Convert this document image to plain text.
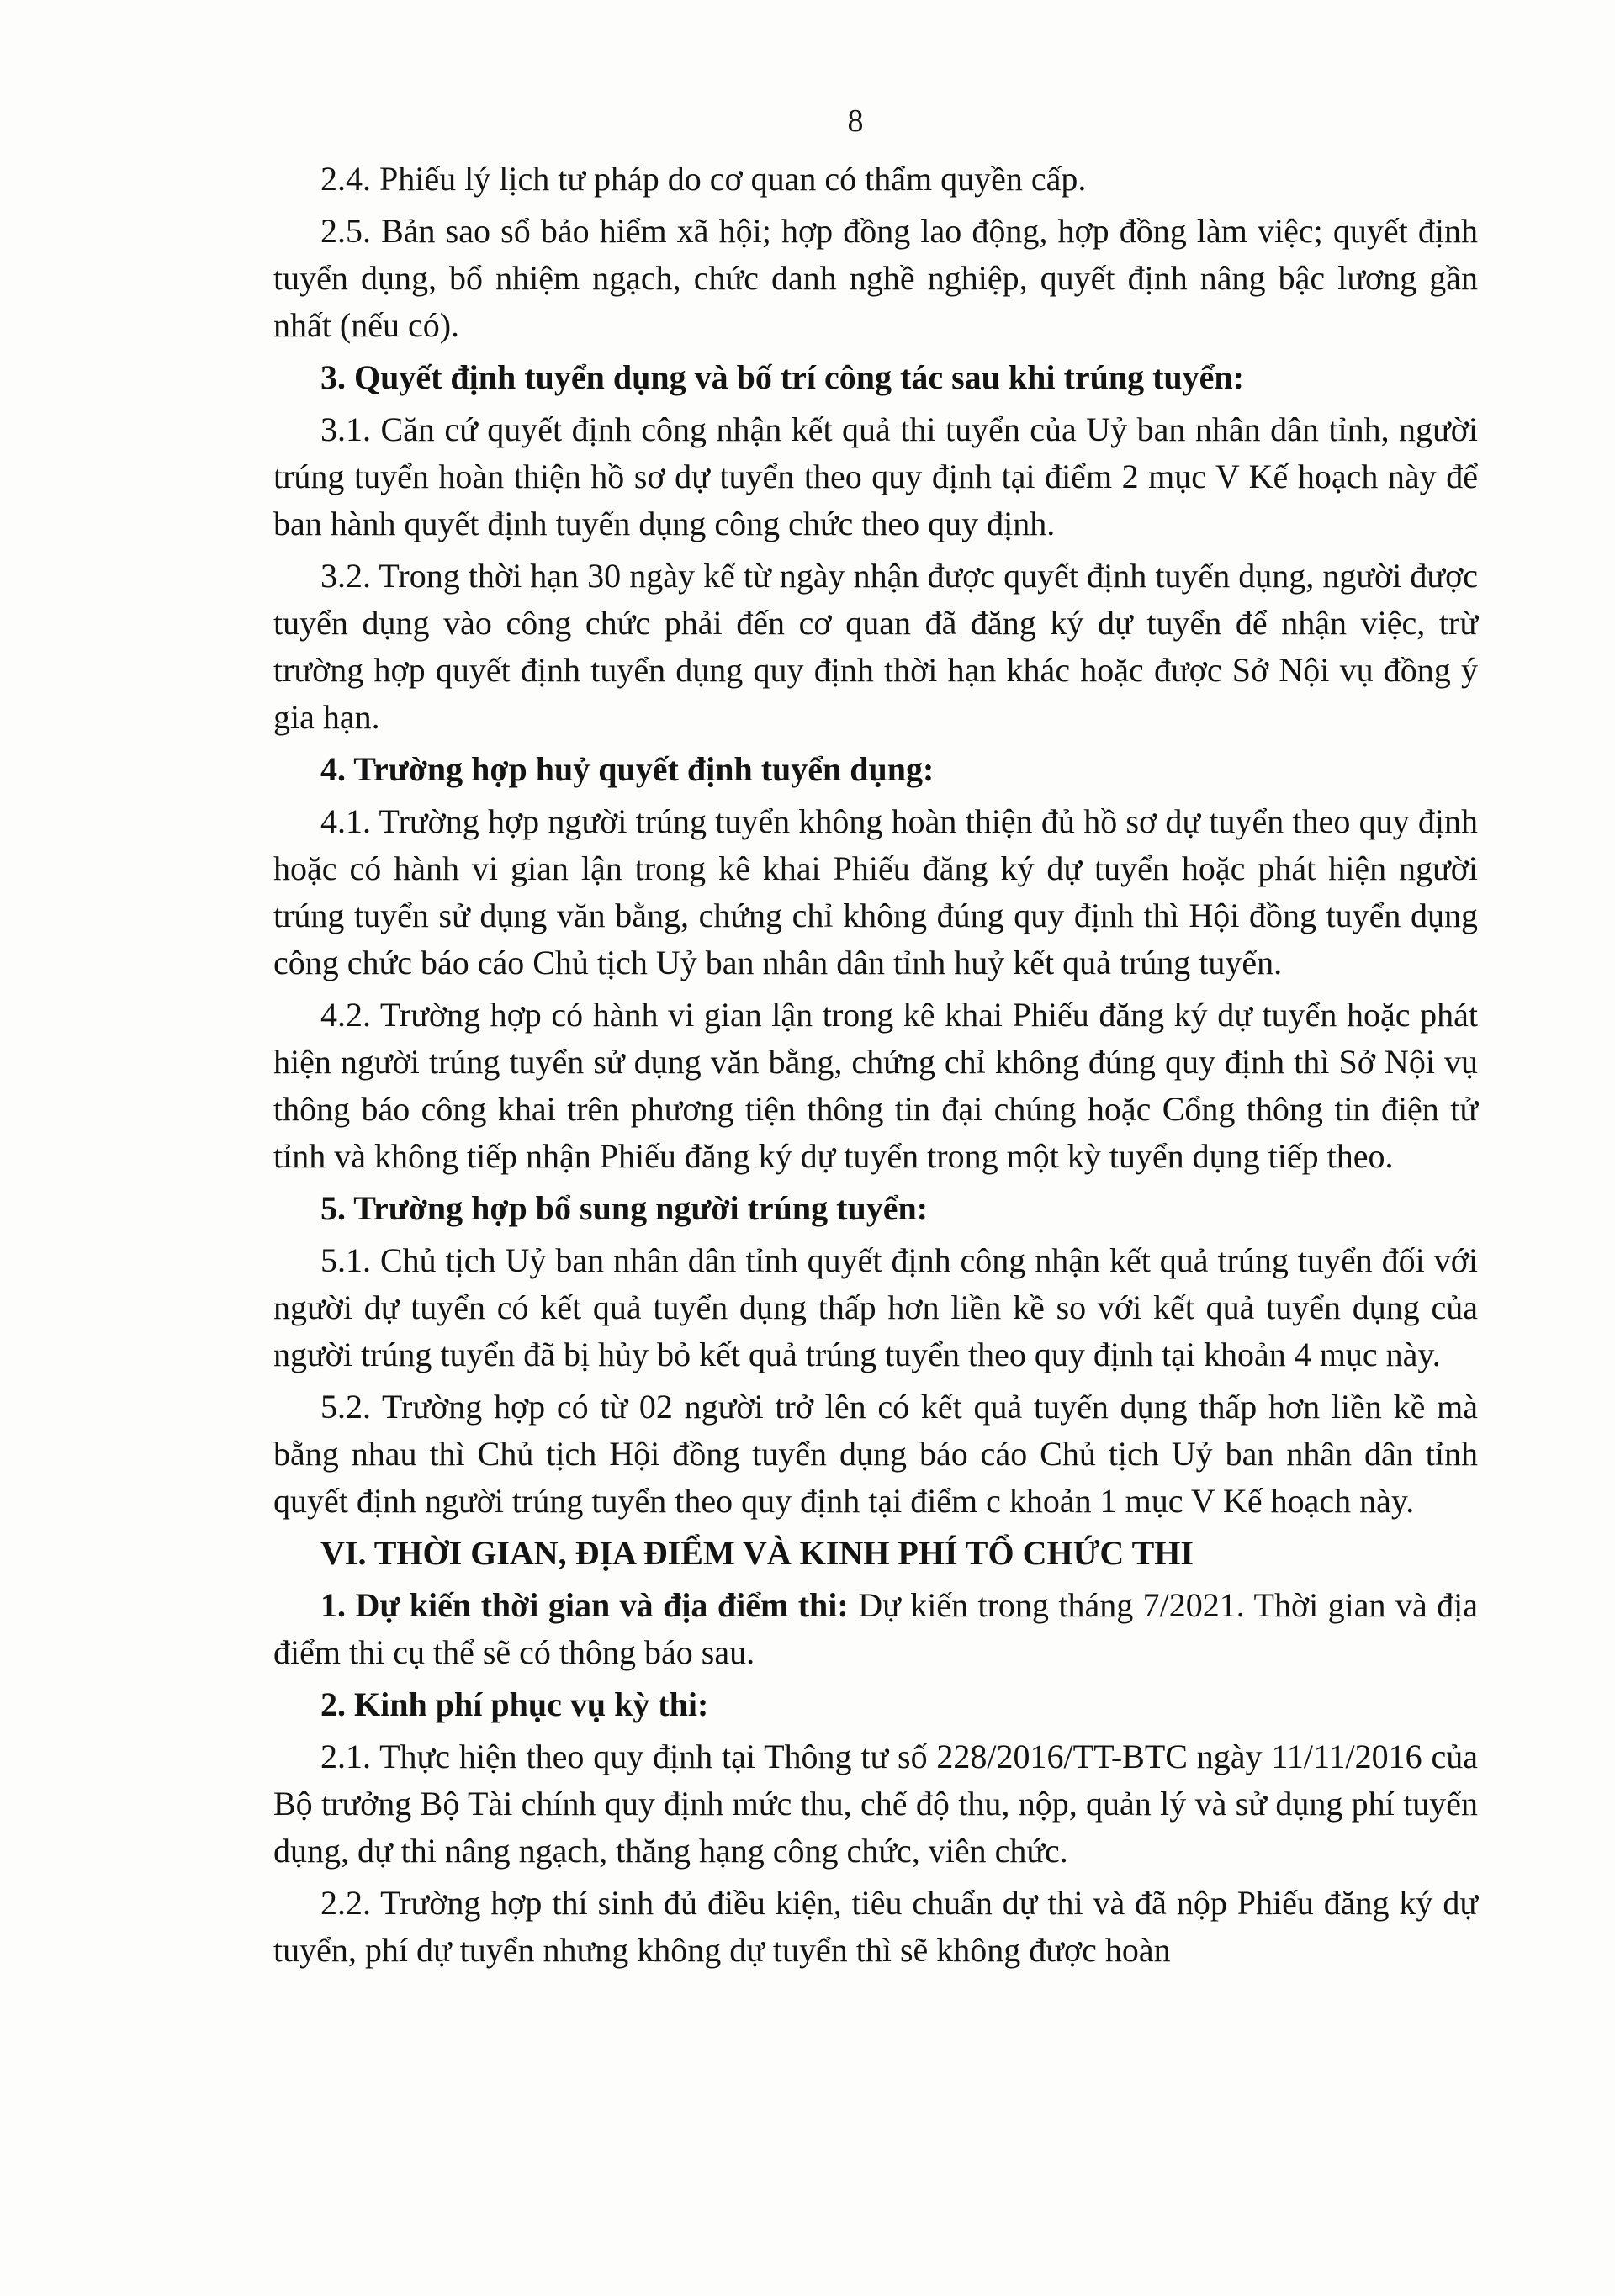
8

2.4. Phiếu lý lịch tư pháp do cơ quan có thẩm quyền cấp.

2.5. Bản sao sổ bảo hiểm xã hội; hợp đồng lao động, hợp đồng làm việc; quyết định tuyển dụng, bổ nhiệm ngạch, chức danh nghề nghiệp, quyết định nâng bậc lương gần nhất (nếu có).

3. Quyết định tuyển dụng và bố trí công tác sau khi trúng tuyển:

3.1. Căn cứ quyết định công nhận kết quả thi tuyển của Uỷ ban nhân dân tỉnh, người trúng tuyển hoàn thiện hồ sơ dự tuyển theo quy định tại điểm 2 mục V Kế hoạch này để ban hành quyết định tuyển dụng công chức theo quy định.

3.2. Trong thời hạn 30 ngày kể từ ngày nhận được quyết định tuyển dụng, người được tuyển dụng vào công chức phải đến cơ quan đã đăng ký dự tuyển để nhận việc, trừ trường hợp quyết định tuyển dụng quy định thời hạn khác hoặc được Sở Nội vụ đồng ý gia hạn.

4. Trường hợp huỷ quyết định tuyển dụng:

4.1. Trường hợp người trúng tuyển không hoàn thiện đủ hồ sơ dự tuyển theo quy định hoặc có hành vi gian lận trong kê khai Phiếu đăng ký dự tuyển hoặc phát hiện người trúng tuyển sử dụng văn bằng, chứng chỉ không đúng quy định thì Hội đồng tuyển dụng công chức báo cáo Chủ tịch Uỷ ban nhân dân tỉnh huỷ kết quả trúng tuyển.

4.2. Trường hợp có hành vi gian lận trong kê khai Phiếu đăng ký dự tuyển hoặc phát hiện người trúng tuyển sử dụng văn bằng, chứng chỉ không đúng quy định thì Sở Nội vụ thông báo công khai trên phương tiện thông tin đại chúng hoặc Cổng thông tin điện tử tỉnh và không tiếp nhận Phiếu đăng ký dự tuyển trong một kỳ tuyển dụng tiếp theo.

5. Trường hợp bổ sung người trúng tuyển:

5.1. Chủ tịch Uỷ ban nhân dân tỉnh quyết định công nhận kết quả trúng tuyển đối với người dự tuyển có kết quả tuyển dụng thấp hơn liền kề so với kết quả tuyển dụng của người trúng tuyển đã bị hủy bỏ kết quả trúng tuyển theo quy định tại khoản 4 mục này.

5.2. Trường hợp có từ 02 người trở lên có kết quả tuyển dụng thấp hơn liền kề mà bằng nhau thì Chủ tịch Hội đồng tuyển dụng báo cáo Chủ tịch Uỷ ban nhân dân tỉnh quyết định người trúng tuyển theo quy định tại điểm c khoản 1 mục V Kế hoạch này.

VI. THỜI GIAN, ĐỊA ĐIỂM VÀ KINH PHÍ TỔ CHỨC THI

1. Dự kiến thời gian và địa điểm thi: Dự kiến trong tháng 7/2021. Thời gian và địa điểm thi cụ thể sẽ có thông báo sau.

2. Kinh phí phục vụ kỳ thi:

2.1. Thực hiện theo quy định tại Thông tư số 228/2016/TT-BTC ngày 11/11/2016 của Bộ trưởng Bộ Tài chính quy định mức thu, chế độ thu, nộp, quản lý và sử dụng phí tuyển dụng, dự thi nâng ngạch, thăng hạng công chức, viên chức.

2.2. Trường hợp thí sinh đủ điều kiện, tiêu chuẩn dự thi và đã nộp Phiếu đăng ký dự tuyển, phí dự tuyển nhưng không dự tuyển thì sẽ không được hoàn
